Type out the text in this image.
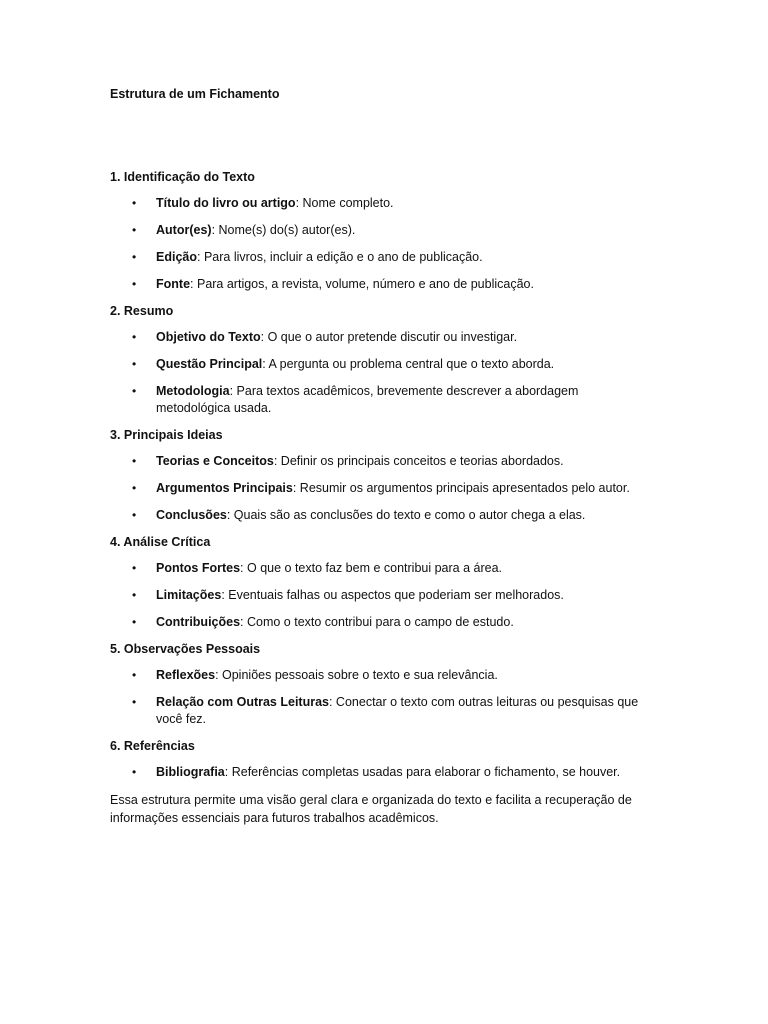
Estrutura de um Fichamento

1. Identificação do Texto

• Título do livro ou artigo: Nome completo.
• Autor(es): Nome(s) do(s) autor(es).
• Edição: Para livros, incluir a edição e o ano de publicação.
• Fonte: Para artigos, a revista, volume, número e ano de publicação.

2. Resumo

• Objetivo do Texto: O que o autor pretende discutir ou investigar.
• Questão Principal: A pergunta ou problema central que o texto aborda.
• Metodologia: Para textos acadêmicos, brevemente descrever a abordagem metodológica usada.

3. Principais Ideias

• Teorias e Conceitos: Definir os principais conceitos e teorias abordados.
• Argumentos Principais: Resumir os argumentos principais apresentados pelo autor.
• Conclusões: Quais são as conclusões do texto e como o autor chega a elas.

4. Análise Crítica

• Pontos Fortes: O que o texto faz bem e contribui para a área.
• Limitações: Eventuais falhas ou aspectos que poderiam ser melhorados.
• Contribuições: Como o texto contribui para o campo de estudo.

5. Observações Pessoais

• Reflexões: Opiniões pessoais sobre o texto e sua relevância.
• Relação com Outras Leituras: Conectar o texto com outras leituras ou pesquisas que você fez.

6. Referências

• Bibliografia: Referências completas usadas para elaborar o fichamento, se houver.

Essa estrutura permite uma visão geral clara e organizada do texto e facilita a recuperação de informações essenciais para futuros trabalhos acadêmicos.
